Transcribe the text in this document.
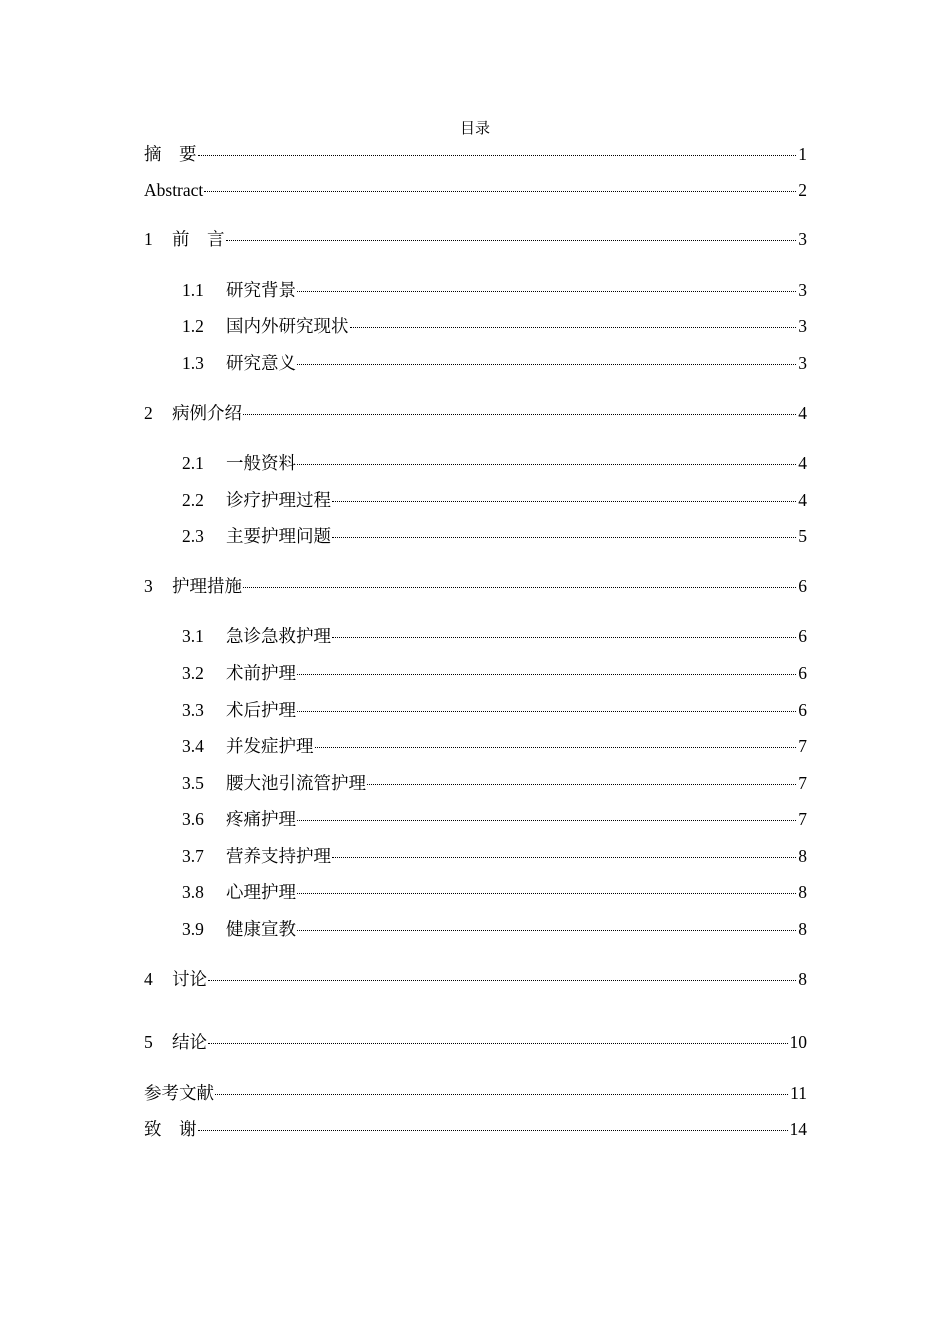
目录
摘　要	1
Abstract	2
1	前　言	3
1.1	研究背景	3
1.2	国内外研究现状	3
1.3	研究意义	3
2	病例介绍	4
2.1	一般资料	4
2.2	诊疗护理过程	4
2.3	主要护理问题	5
3	护理措施	6
3.1	急诊急救护理	6
3.2	术前护理	6
3.3	术后护理	6
3.4	并发症护理	7
3.5	腰大池引流管护理	7
3.6	疼痛护理	7
3.7	营养支持护理	8
3.8	心理护理	8
3.9	健康宣教	8
4	讨论	8
5	结论	10
参考文献	11
致　谢	14
